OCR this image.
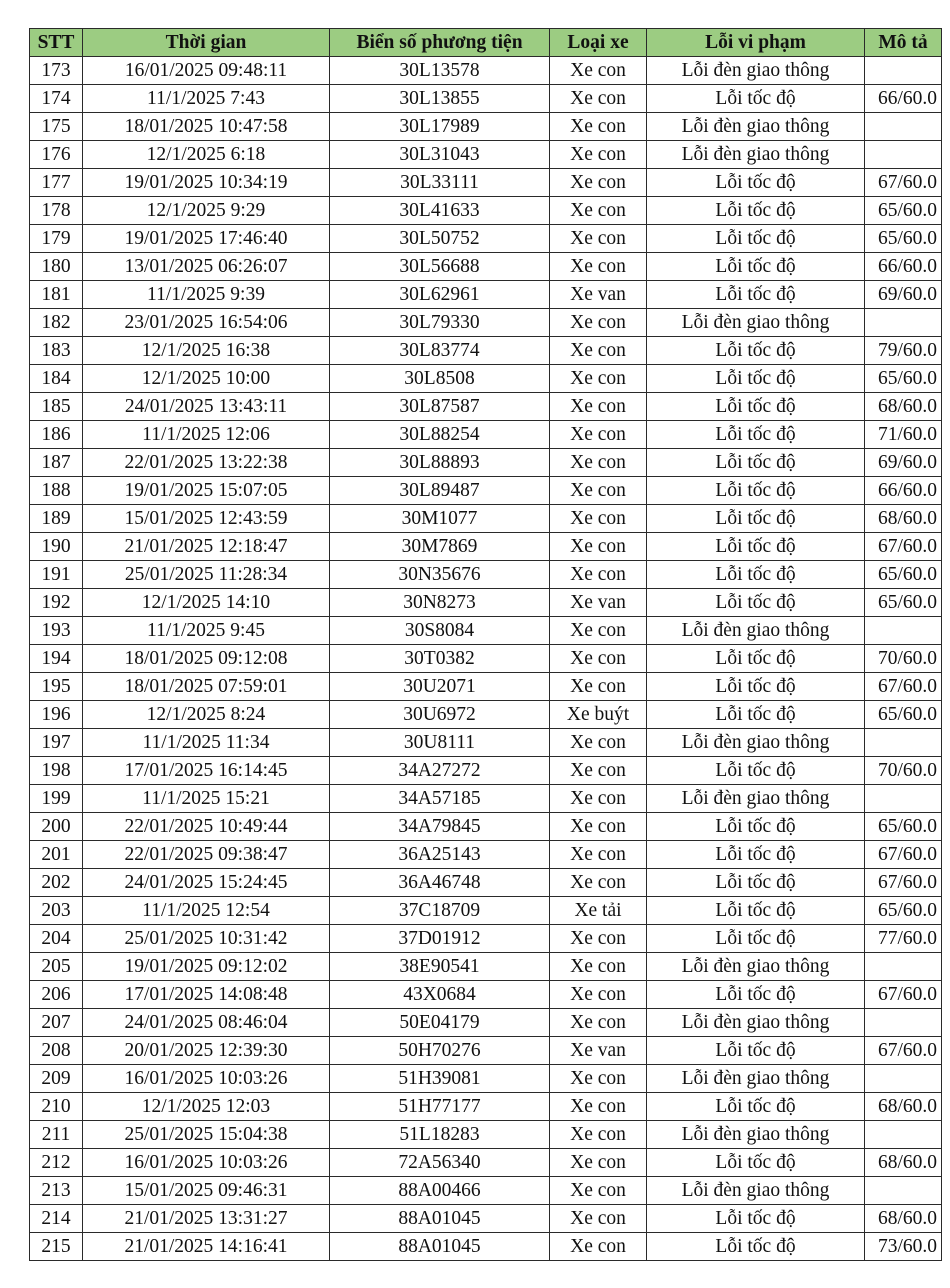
STT	Thời gian	Biển số phương tiện	Loại xe	Lỗi vi phạm	Mô tả
173	16/01/2025 09:48:11	30L13578	Xe con	Lỗi đèn giao thông	
174	11/1/2025 7:43	30L13855	Xe con	Lỗi tốc độ	66/60.0
175	18/01/2025 10:47:58	30L17989	Xe con	Lỗi đèn giao thông	
176	12/1/2025 6:18	30L31043	Xe con	Lỗi đèn giao thông	
177	19/01/2025 10:34:19	30L33111	Xe con	Lỗi tốc độ	67/60.0
178	12/1/2025 9:29	30L41633	Xe con	Lỗi tốc độ	65/60.0
179	19/01/2025 17:46:40	30L50752	Xe con	Lỗi tốc độ	65/60.0
180	13/01/2025 06:26:07	30L56688	Xe con	Lỗi tốc độ	66/60.0
181	11/1/2025 9:39	30L62961	Xe van	Lỗi tốc độ	69/60.0
182	23/01/2025 16:54:06	30L79330	Xe con	Lỗi đèn giao thông	
183	12/1/2025 16:38	30L83774	Xe con	Lỗi tốc độ	79/60.0
184	12/1/2025 10:00	30L8508	Xe con	Lỗi tốc độ	65/60.0
185	24/01/2025 13:43:11	30L87587	Xe con	Lỗi tốc độ	68/60.0
186	11/1/2025 12:06	30L88254	Xe con	Lỗi tốc độ	71/60.0
187	22/01/2025 13:22:38	30L88893	Xe con	Lỗi tốc độ	69/60.0
188	19/01/2025 15:07:05	30L89487	Xe con	Lỗi tốc độ	66/60.0
189	15/01/2025 12:43:59	30M1077	Xe con	Lỗi tốc độ	68/60.0
190	21/01/2025 12:18:47	30M7869	Xe con	Lỗi tốc độ	67/60.0
191	25/01/2025 11:28:34	30N35676	Xe con	Lỗi tốc độ	65/60.0
192	12/1/2025 14:10	30N8273	Xe van	Lỗi tốc độ	65/60.0
193	11/1/2025 9:45	30S8084	Xe con	Lỗi đèn giao thông	
194	18/01/2025 09:12:08	30T0382	Xe con	Lỗi tốc độ	70/60.0
195	18/01/2025 07:59:01	30U2071	Xe con	Lỗi tốc độ	67/60.0
196	12/1/2025 8:24	30U6972	Xe buýt	Lỗi tốc độ	65/60.0
197	11/1/2025 11:34	30U8111	Xe con	Lỗi đèn giao thông	
198	17/01/2025 16:14:45	34A27272	Xe con	Lỗi tốc độ	70/60.0
199	11/1/2025 15:21	34A57185	Xe con	Lỗi đèn giao thông	
200	22/01/2025 10:49:44	34A79845	Xe con	Lỗi tốc độ	65/60.0
201	22/01/2025 09:38:47	36A25143	Xe con	Lỗi tốc độ	67/60.0
202	24/01/2025 15:24:45	36A46748	Xe con	Lỗi tốc độ	67/60.0
203	11/1/2025 12:54	37C18709	Xe tải	Lỗi tốc độ	65/60.0
204	25/01/2025 10:31:42	37D01912	Xe con	Lỗi tốc độ	77/60.0
205	19/01/2025 09:12:02	38E90541	Xe con	Lỗi đèn giao thông	
206	17/01/2025 14:08:48	43X0684	Xe con	Lỗi tốc độ	67/60.0
207	24/01/2025 08:46:04	50E04179	Xe con	Lỗi đèn giao thông	
208	20/01/2025 12:39:30	50H70276	Xe van	Lỗi tốc độ	67/60.0
209	16/01/2025 10:03:26	51H39081	Xe con	Lỗi đèn giao thông	
210	12/1/2025 12:03	51H77177	Xe con	Lỗi tốc độ	68/60.0
211	25/01/2025 15:04:38	51L18283	Xe con	Lỗi đèn giao thông	
212	16/01/2025 10:03:26	72A56340	Xe con	Lỗi tốc độ	68/60.0
213	15/01/2025 09:46:31	88A00466	Xe con	Lỗi đèn giao thông	
214	21/01/2025 13:31:27	88A01045	Xe con	Lỗi tốc độ	68/60.0
215	21/01/2025 14:16:41	88A01045	Xe con	Lỗi tốc độ	73/60.0
